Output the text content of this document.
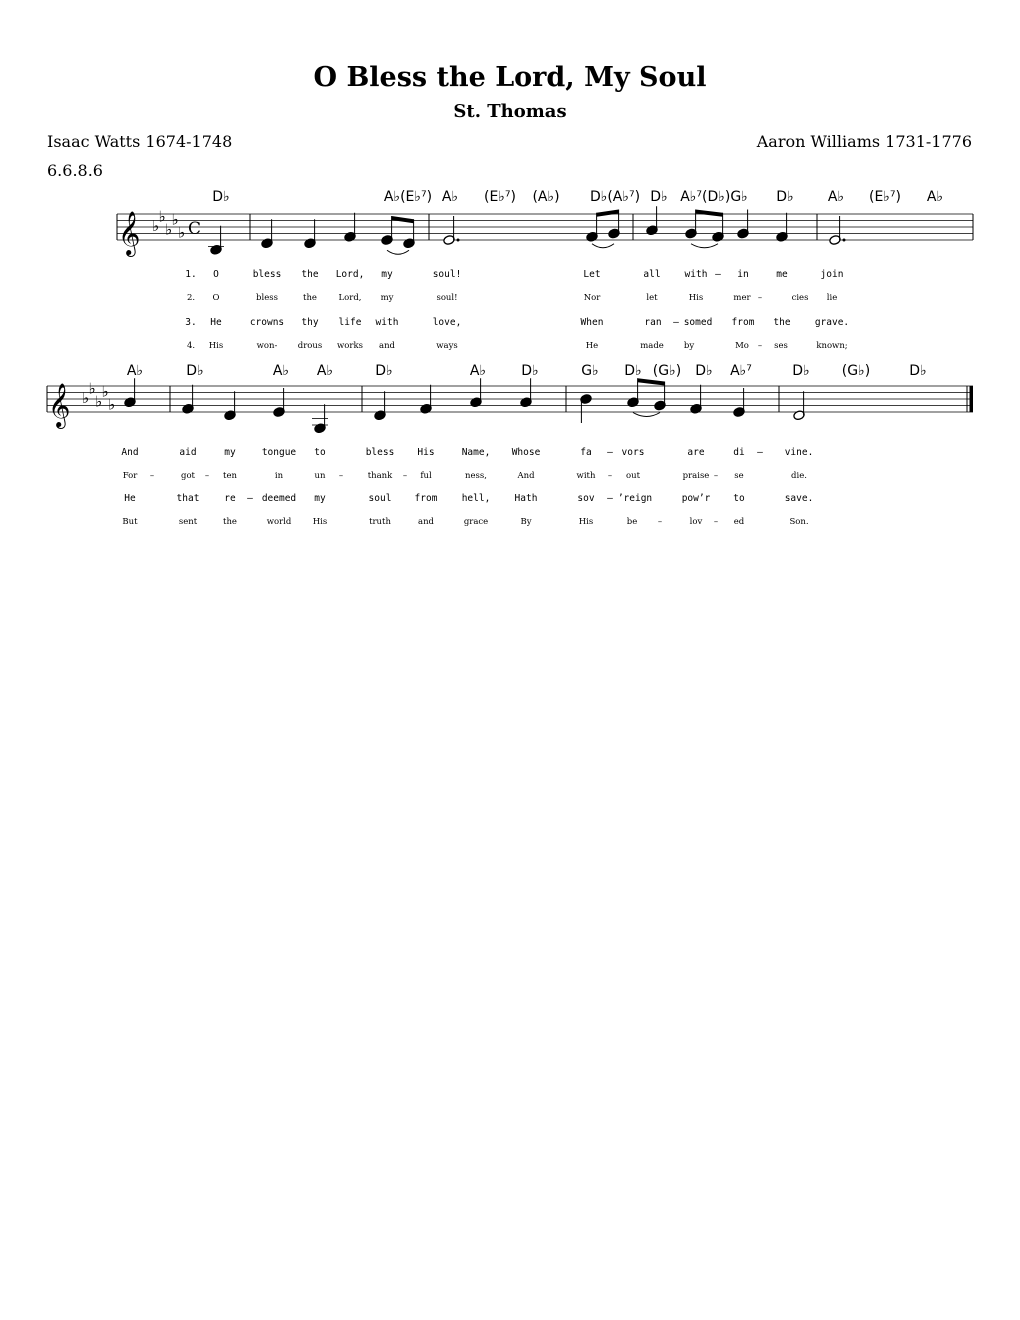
O Bless the Lord, My Soul
St. Thomas
Isaac Watts 1674-1748	Aaron Williams 1731-1776
6.6.8.6
𝄞 ♭
♭
♭
♭
♭ C
𝄞 ♭
♭
♭
♭
♭
D♭	A♭(E♭⁷) A♭ (E♭⁷) (A♭) D♭(A♭⁷) D♭ A♭⁷(D♭)G♭ D♭ A♭ (E♭⁷) A♭
A♭	D♭	A♭ A♭	D♭	A♭	D♭	G♭ D♭ (G♭) D♭ A♭⁷	D♭ (G♭)	D♭
1. O	bless the Lord, my	soul!	Let	all	with – in	me	join
2. O	bless	the	Lord, my	soul!	Nor	let	His	mer –	cies lie
3. He	crowns thy life with	love,	When	ran – somed from the	grave.
4. His	won- drous works and	ways	He	made by	Mo – ses	known;
And	aid	my	tongue to	bless His	Name, Whose	fa – vors	are	di – vine.
For –	got – ten	in	un –	thank – ful	ness,	And	with – out	praise – se	die.
He	that	re – deemed my	soul from	hell,	Hath	sov – ’reign	pow’r to	save.
But	sent	the	world	His	truth	and	grace	By	His	be –	lov – ed	Son.
